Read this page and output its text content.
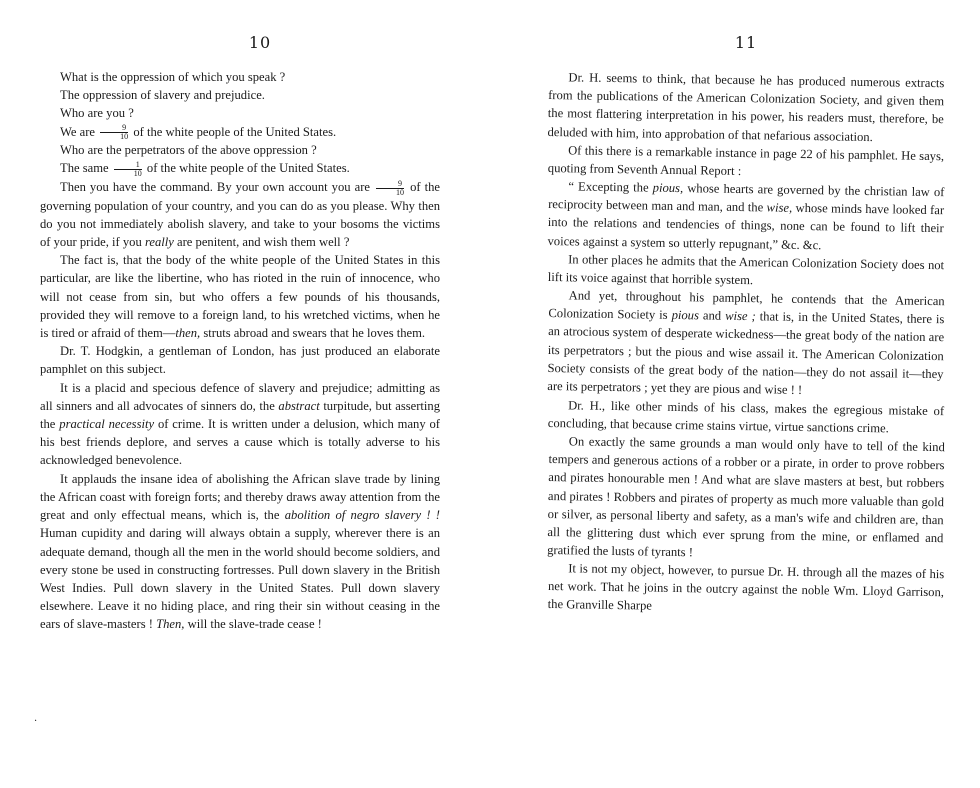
10

What is the oppression of which you speak ?

The oppression of slavery and prejudice.

Who are you ?

We are $\frac{9}{10}$ of the white people of the United States.

Who are the perpetrators of the above oppression ?

The same $\frac{1}{10}$ of the white people of the United States.

Then you have the command. By your own account you are $\frac{9}{10}$ of the governing population of your country, and you can do as you please. Why then do you not immediately abolish slavery, and take to your bosoms the victims of your pride, if you really are penitent, and wish them well ?

The fact is, that the body of the white people of the United States in this particular, are like the libertine, who has rioted in the ruin of innocence, who will not cease from sin, but who offers a few pounds of his thousands, provided they will remove to a foreign land, to his wretched victims, when he is tired or afraid of them—then, struts abroad and swears that he loves them.

Dr. T. Hodgkin, a gentleman of London, has just produced an elaborate pamphlet on this subject.

It is a placid and specious defence of slavery and prejudice; admitting as all sinners and all advocates of sinners do, the abstract turpitude, but asserting the practical necessity of crime. It is written under a delusion, which many of his best friends deplore, and serves a cause which is totally adverse to his acknowledged benevolence.

It applauds the insane idea of abolishing the African slave trade by lining the African coast with foreign forts; and thereby draws away attention from the great and only effectual means, which is, the abolition of negro slavery ! ! Human cupidity and daring will always obtain a supply, wherever there is an adequate demand, though all the men in the world should become soldiers, and every stone be used in constructing fortresses. Pull down slavery in the British West Indies. Pull down slavery in the United States. Pull down slavery elsewhere. Leave it no hiding place, and ring their sin without ceasing in the ears of slave-masters ! Then, will the slave-trade cease !

.
11

Dr. H. seems to think, that because he has produced numerous extracts from the publications of the American Colonization Society, and given them the most flattering interpretation in his power, his readers must, therefore, be deluded with him, into approbation of that nefarious association.

Of this there is a remarkable instance in page 22 of his pamphlet. He says, quoting from Seventh Annual Report :

“ Excepting the pious, whose hearts are governed by the christian law of reciprocity between man and man, and the wise, whose minds have looked far into the relations and tendencies of things, none can be found to lift their voices against a system so utterly repugnant,” &c. &c.

In other places he admits that the American Colonization Society does not lift its voice against that horrible system.

And yet, throughout his pamphlet, he contends that the American Colonization Society is pious and wise ; that is, in the United States, there is an atrocious system of desperate wickedness—the great body of the nation are its perpetrators ; but the pious and wise assail it. The American Colonization Society consists of the great body of the nation—they do not assail it—they are its perpetrators ; yet they are pious and wise ! !

Dr. H., like other minds of his class, makes the egregious mistake of concluding, that because crime stains virtue, virtue sanctions crime.

On exactly the same grounds a man would only have to tell of the kind tempers and generous actions of a robber or a pirate, in order to prove robbers and pirates honourable men ! And what are slave masters at best, but robbers and pirates ! Robbers and pirates of property as much more valuable than gold or silver, as personal liberty and safety, as a man's wife and children are, than all the glittering dust which ever sprung from the mine, or enflamed and gratified the lusts of tyrants !

It is not my object, however, to pursue Dr. H. through all the mazes of his net work. That he joins in the outcry against the noble Wm. Lloyd Garrison, the Granville Sharpe
